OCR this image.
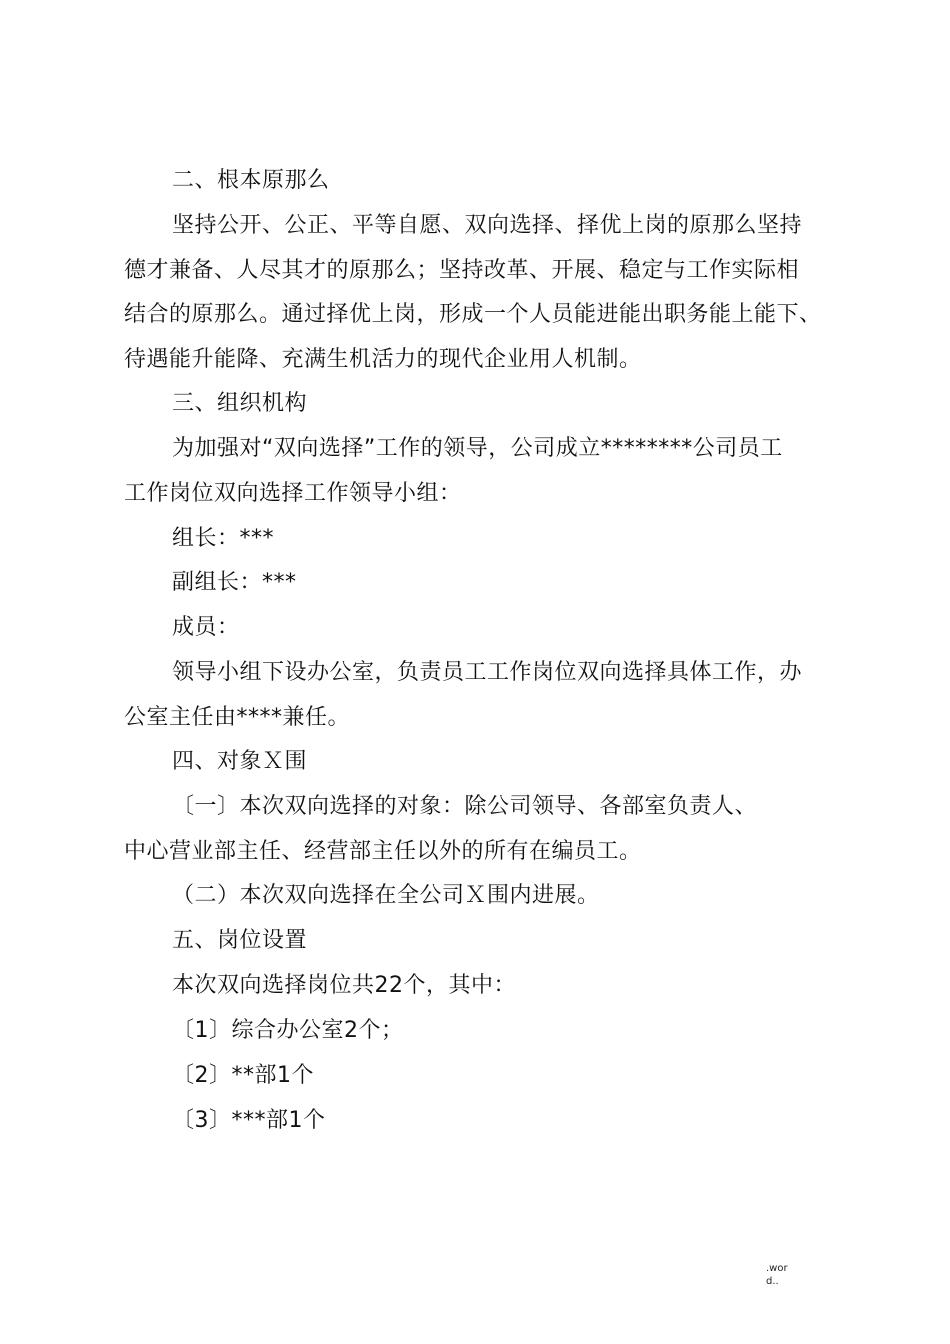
二、根本原那么
坚持公开、公正、平等自愿、双向选择、择优上岗的原那么坚持
德才兼备、人尽其才的原那么；坚持改革、开展、稳定与工作实际相
结合的原那么。通过择优上岗，形成一个人员能进能出职务能上能下、
待遇能升能降、充满生机活力的现代企业用人机制。
三、组织机构
为加强对“双向选择”工作的领导，公司成立********公司员工
工作岗位双向选择工作领导小组：
组长：***
副组长：***
成员：
领导小组下设办公室，负责员工工作岗位双向选择具体工作，办
公室主任由****兼任。
四、对象Ｘ围
〔一〕本次双向选择的对象：除公司领导、各部室负责人、
中心营业部主任、经营部主任以外的所有在编员工。
（二）本次双向选择在全公司Ｘ围内进展。
五、岗位设置
本次双向选择岗位共22个，其中：
〔1〕综合办公室2个；
〔2〕**部1个
〔3〕***部1个
.word..
